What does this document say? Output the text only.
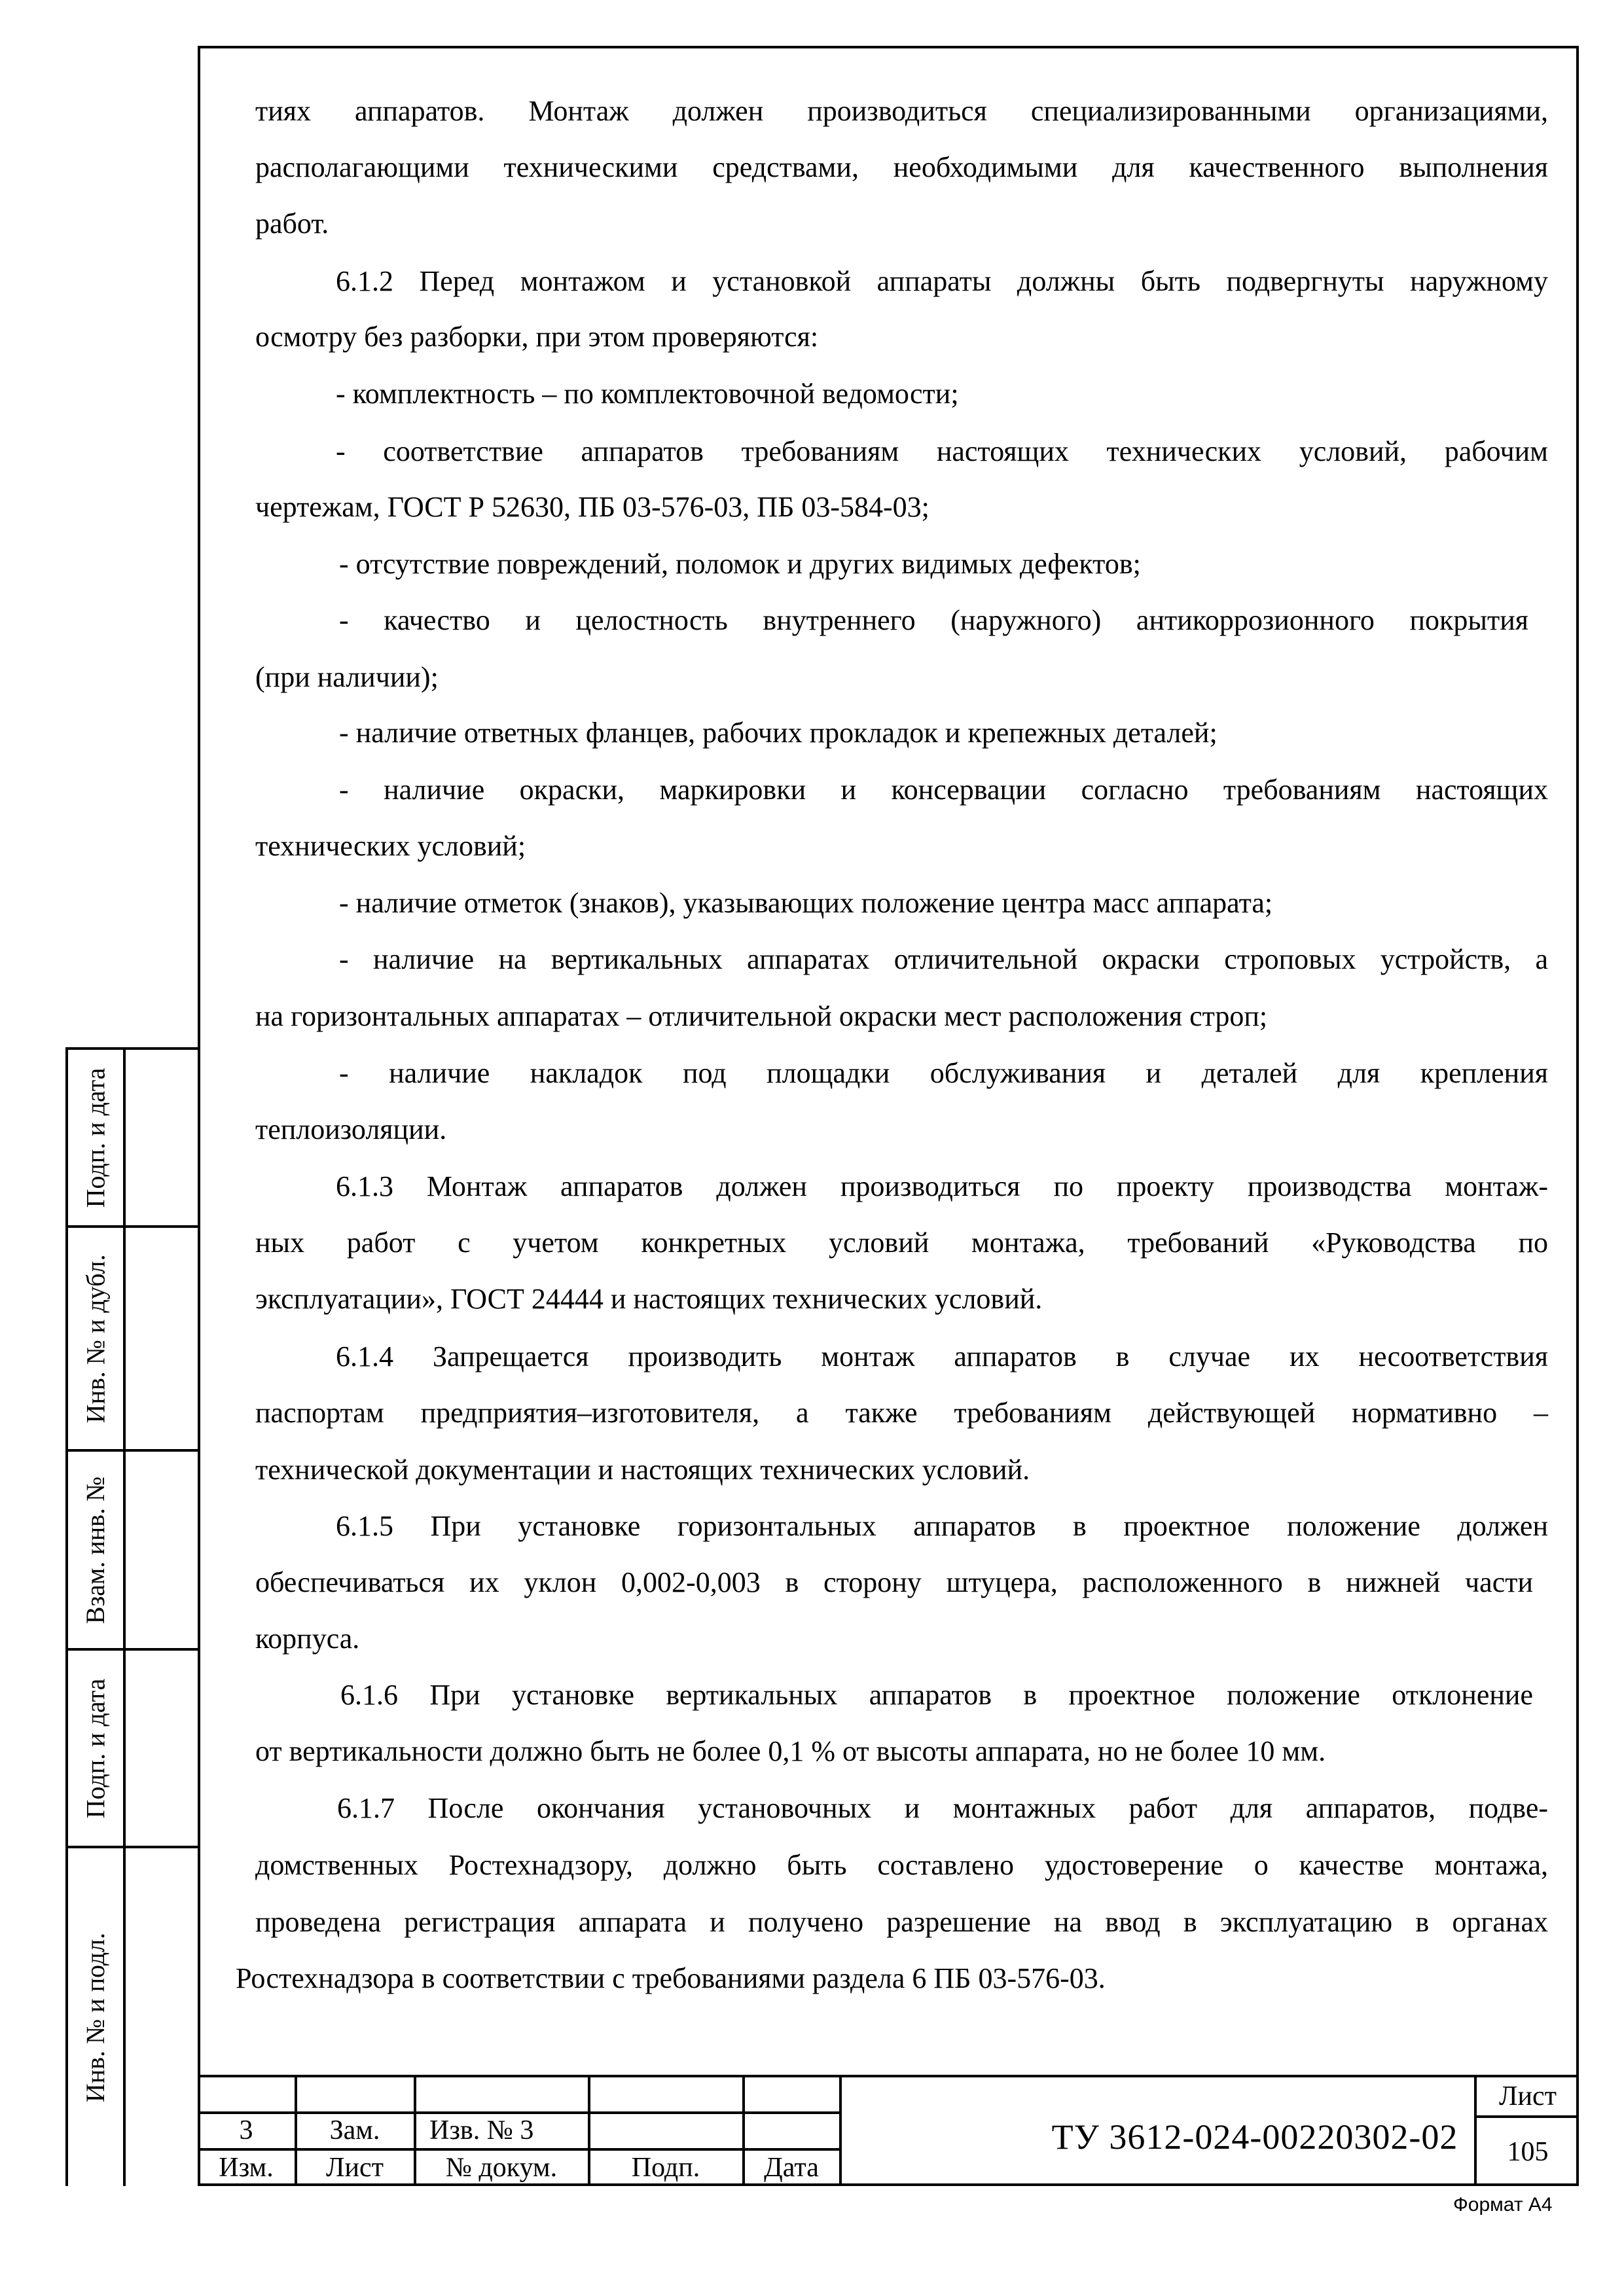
тиях аппаратов. Монтаж должен производиться специализированными организациями,
располагающими техническими средствами, необходимыми для качественного выполнения
работ.
6.1.2 Перед монтажом и установкой аппараты должны быть подвергнуты наружному
осмотру без разборки, при этом проверяются:
- комплектность – по комплектовочной ведомости;
- соответствие аппаратов требованиям настоящих технических условий, рабочим
чертежам, ГОСТ Р 52630, ПБ 03-576-03, ПБ 03-584-03;
- отсутствие повреждений, поломок и других видимых дефектов;
- качество и целостность внутреннего (наружного) антикоррозионного покрытия
(при наличии);
- наличие ответных фланцев, рабочих прокладок и крепежных деталей;
- наличие окраски, маркировки и консервации согласно требованиям настоящих
технических условий;
- наличие отметок (знаков), указывающих положение центра масс аппарата;
- наличие на вертикальных аппаратах отличительной окраски строповых устройств, а
на горизонтальных аппаратах – отличительной окраски мест расположения строп;
- наличие накладок под площадки обслуживания и деталей для крепления
теплоизоляции.
6.1.3 Монтаж аппаратов должен производиться по проекту производства монтаж-
ных работ с учетом конкретных условий монтажа, требований «Руководства по
эксплуатации», ГОСТ 24444 и настоящих технических условий.
6.1.4 Запрещается производить монтаж аппаратов в случае их несоответствия
паспортам предприятия–изготовителя, а также требованиям действующей нормативно –
технической документации и настоящих технических условий.
6.1.5 При установке горизонтальных аппаратов в проектное положение должен
обеспечиваться их уклон 0,002-0,003 в сторону штуцера, расположенного в нижней части
корпуса.
6.1.6 При установке вертикальных аппаратов в проектное положение отклонение
от вертикальности должно быть не более 0,1 % от высоты аппарата, но не более 10 мм.
6.1.7 После окончания установочных и монтажных работ для аппаратов, подве-
домственных Ростехнадзору, должно быть составлено удостоверение о качестве монтажа,
проведена регистрация аппарата и получено разрешение на ввод в эксплуатацию в органах
Ростехнадзора в соответствии с требованиями раздела 6 ПБ 03-576-03.
Подп. и дата
Инв. № и дубл.
Взам. инв. №
Подп. и дата
Инв. № и подл.
3	Зам.	Изв. № 3
Изм.	Лист	№ докум.	Подп.	Дата
ТУ 3612-024-00220302-02
Лист
105
Формат А4
